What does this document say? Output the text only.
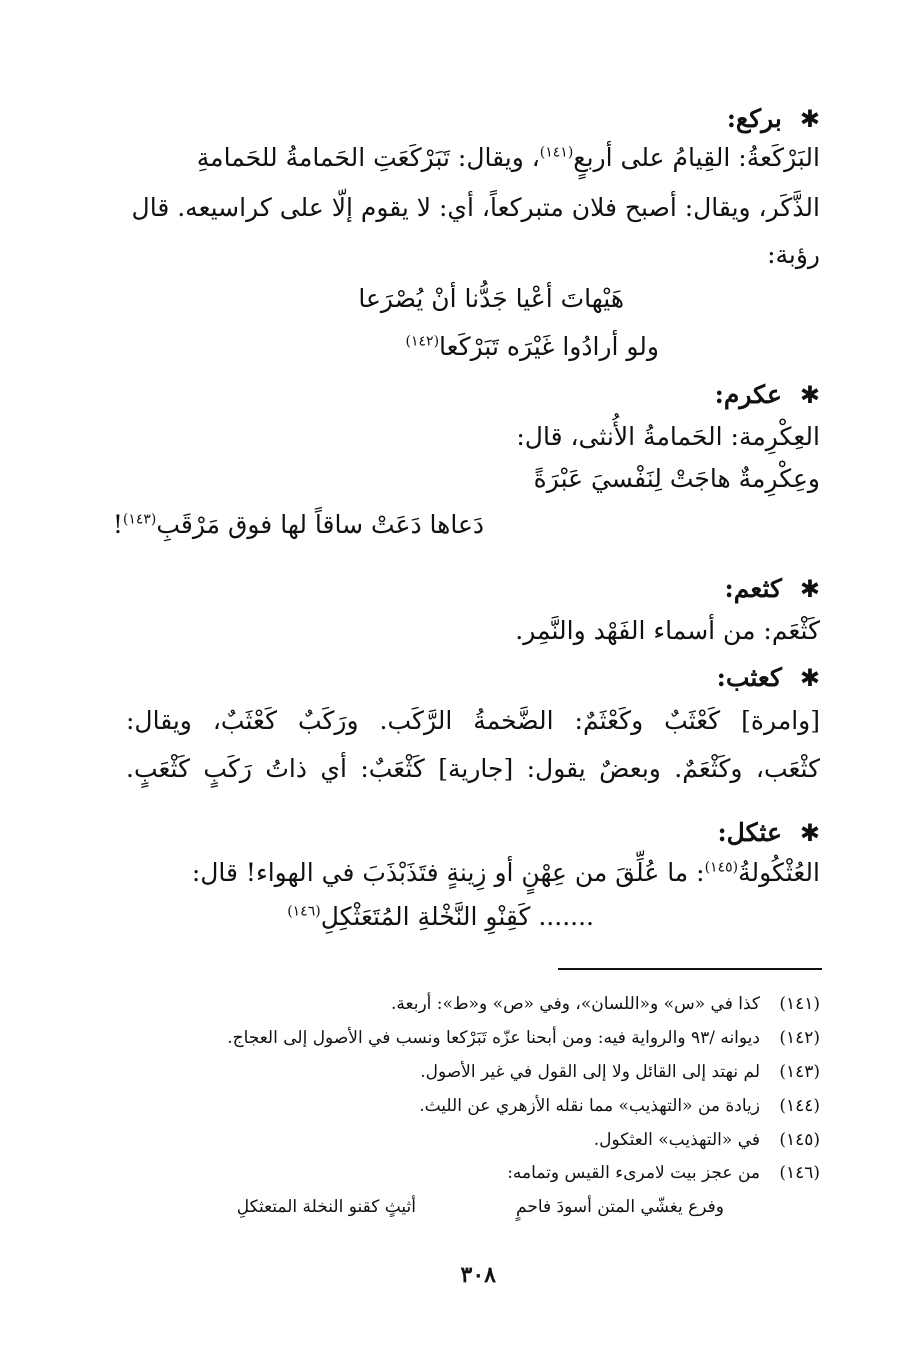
✱برکع:
البَرْكَعةُ: القِيامُ على أربعٍ$^{(١٤١)}$، ويقال: تَبَرْكَعَتِ الحَمامةُ للحَمامةِ
الذَّكَر، ويقال: أصبح فلان متبركعاً، أي: لا يقوم إلّا على كراسيعه. قال
رؤبة:
هَيْهاتَ أعْيا جَدُّنا أنْ يُصْرَعا
ولو أرادُوا غَيْرَه تَبَرْكَعا$^{(١٤٢)}$
✱عکرم:
العِكْرِمة: الحَمامةُ الأُنثى، قال:
وعِكْرِمةٌ هاجَتْ لِنَفْسيَ عَبْرَةً
دَعاها دَعَتْ ساقاً لها فوق مَرْقَبِ$^{(١٤٣)}$!
✱كثعم:
كَثْعَم: من أسماء الفَهْد والنَّمِر.
✱كعثب:
[وامرة] كَعْثَبٌ وكَعْثَمٌ: الضَّخمةُ الرَّكَب. ورَكَبٌ كَعْثَبٌ، ويقال:
كثْعَب، وكَثْعَمٌ. وبعضٌ يقول: [جارية] كَثْعَبٌ: أي ذاتُ رَكَبٍ كَثْعَبٍ.
✱عثكل:
العُثْكُولةُ$^{(١٤٥)}$: ما عُلِّقَ من عِهْنٍ أو زِينةٍ فتَذَبْذَبَ في الهواء! قال:
....... كَقِنْوِ النَّخْلةِ المُتَعَثْكِلِ$^{(١٤٦)}$
(١٤١)كذا في «س» و«اللسان»، وفي «ص» و«ط»: أربعة.
(١٤٢)ديوانه /٩٣ والرواية فيه: ومن أبحنا عزّه تَبَرْكعا ونسب في الأصول إلى العجاج.
(١٤٣)لم نهتد إلى القائل ولا إلى القول في غير الأصول.
(١٤٤)زيادة من «التهذيب» مما نقله الأزهري عن الليث.
(١٤٥)في «التهذيب» العثكول.
(١٤٦)من عجز بيت لامرىء القيس وتمامه:
وفرع يغشّي المتن أسودَ فاحمٍ
أثيثٍ كقنو النخلة المتعثكلِ
٣٠٨
